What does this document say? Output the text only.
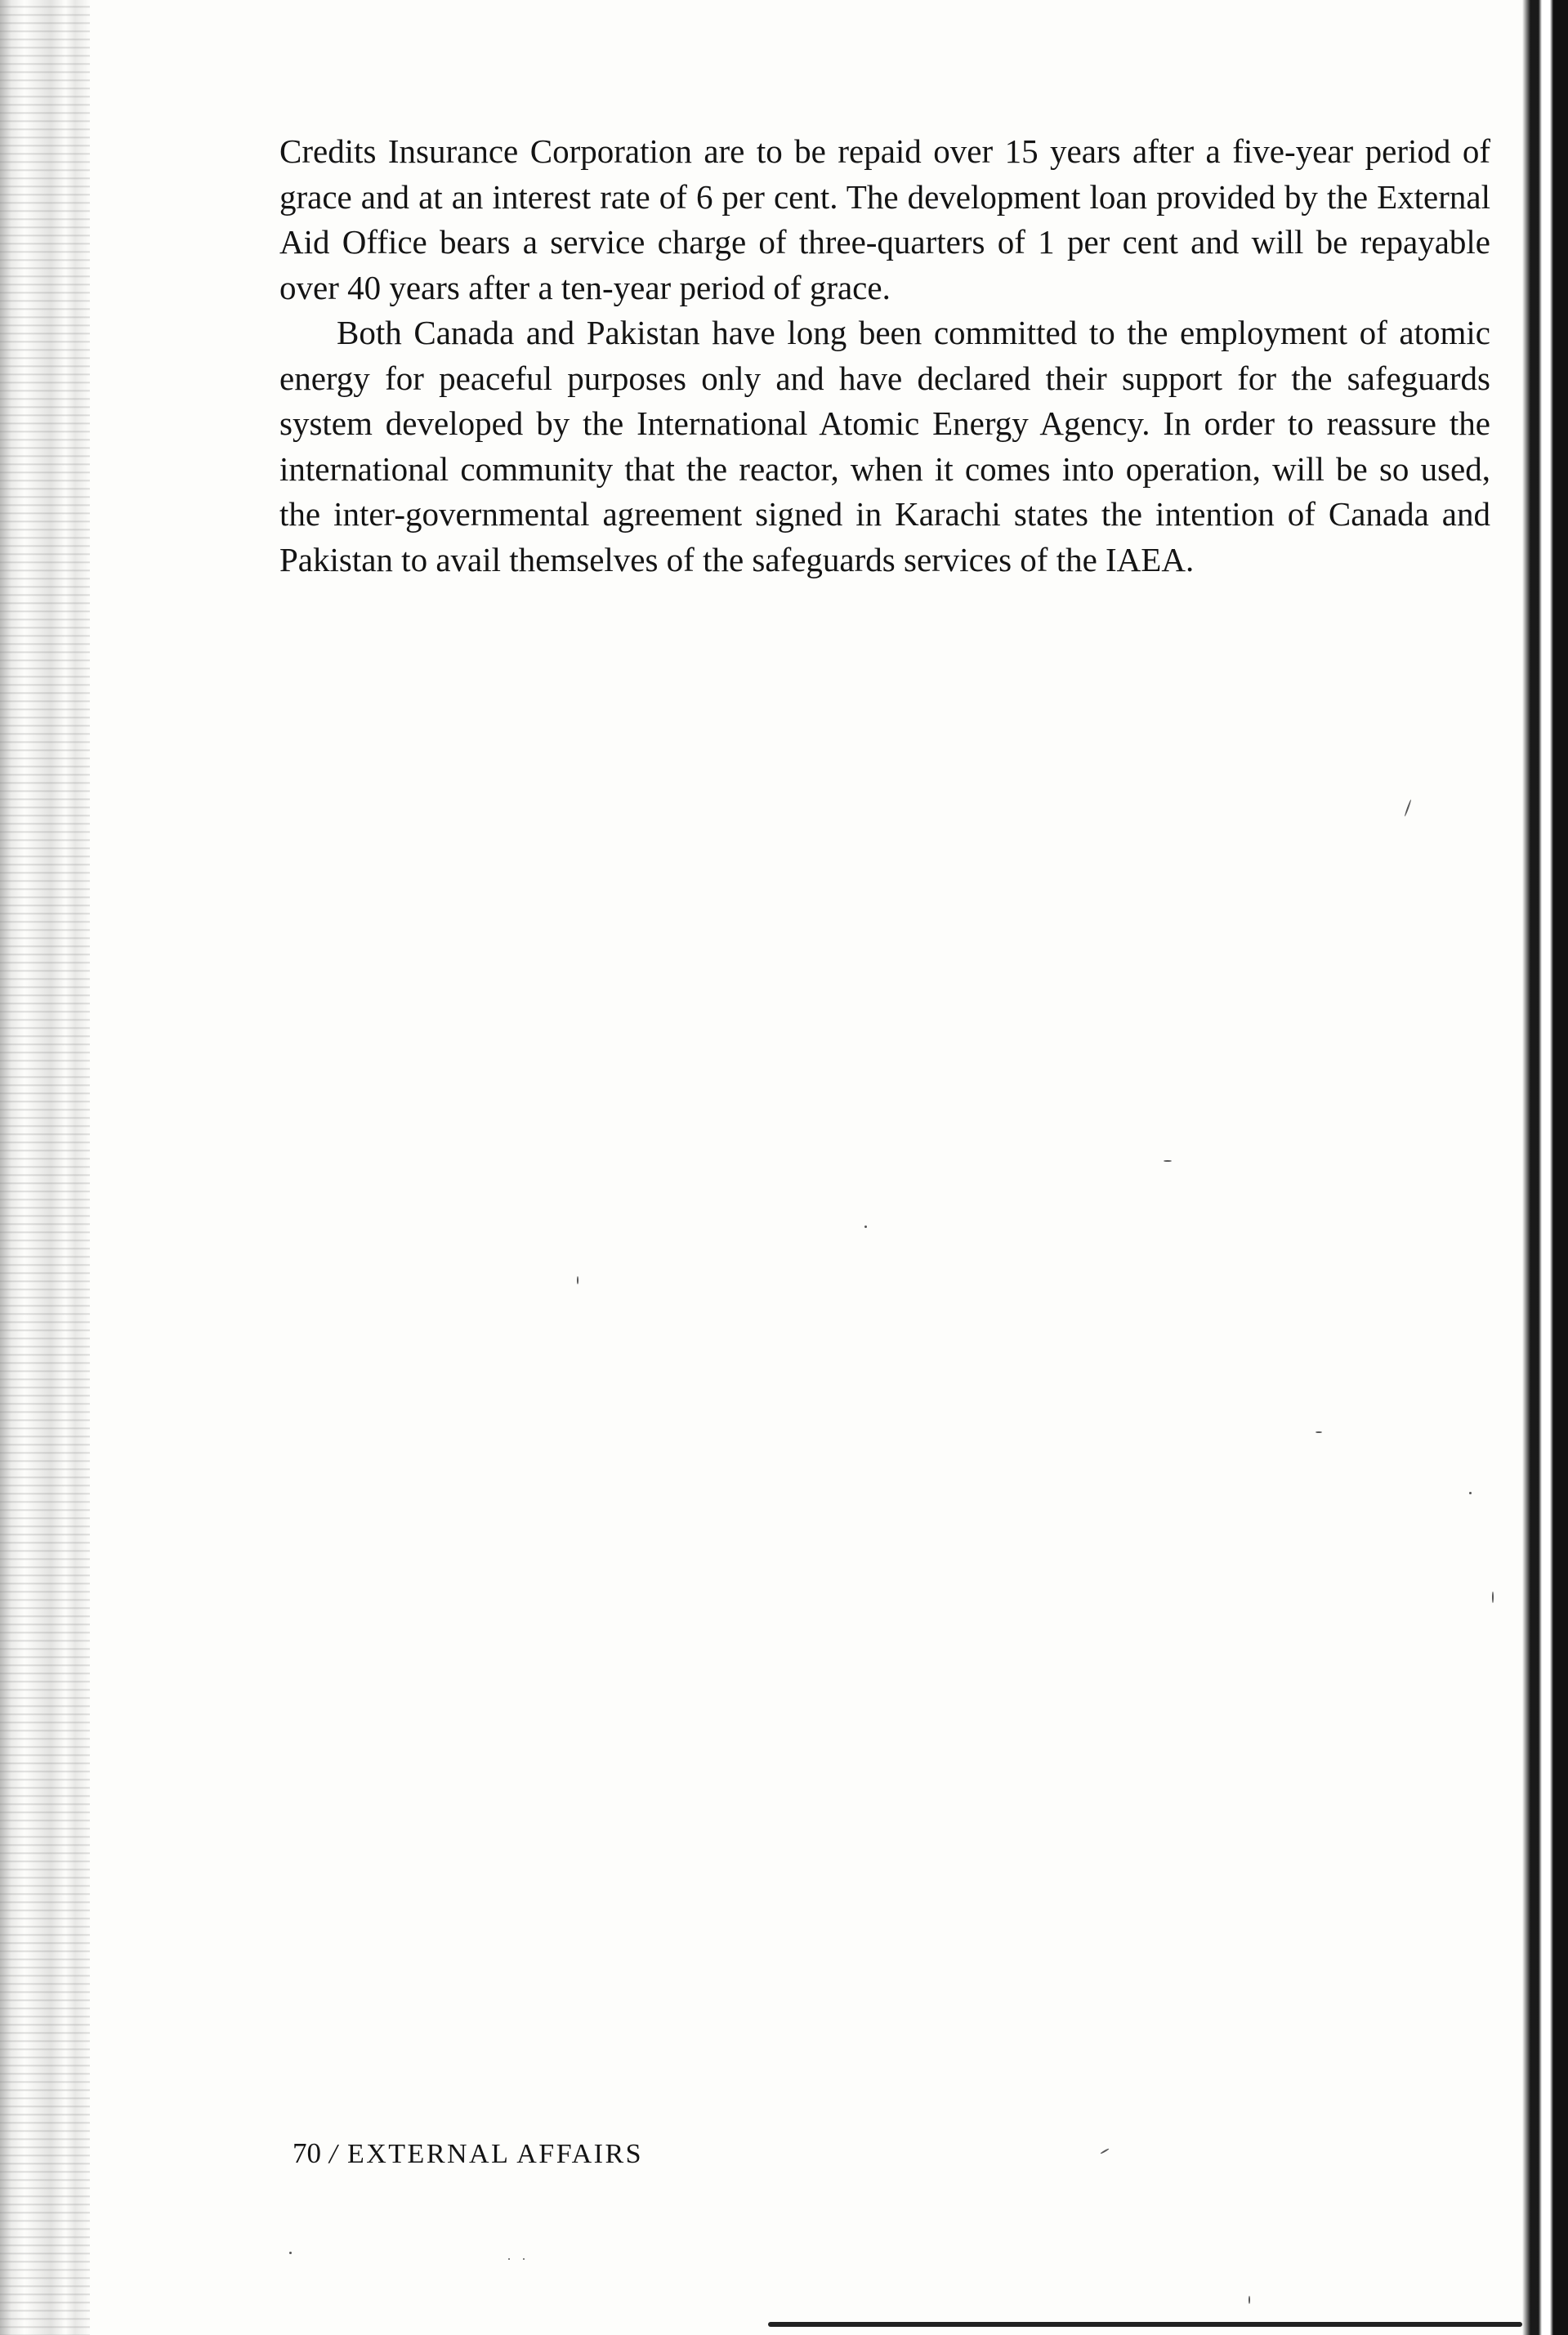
Credits Insurance Corporation are to be repaid over 15 years after a five-year period of grace and at an interest rate of 6 per cent. The development loan provided by the External Aid Office bears a service charge of three-quarters of 1 per cent and will be repayable over 40 years after a ten-year period of grace.

Both Canada and Pakistan have long been committed to the employment of atomic energy for peaceful purposes only and have declared their support for the safeguards system developed by the International Atomic Energy Agency. In order to reassure the international community that the reactor, when it comes into operation, will be so used, the inter-governmental agreement signed in Karachi states the intention of Canada and Pakistan to avail themselves of the safeguards services of the IAEA.

70 / EXTERNAL AFFAIRS
